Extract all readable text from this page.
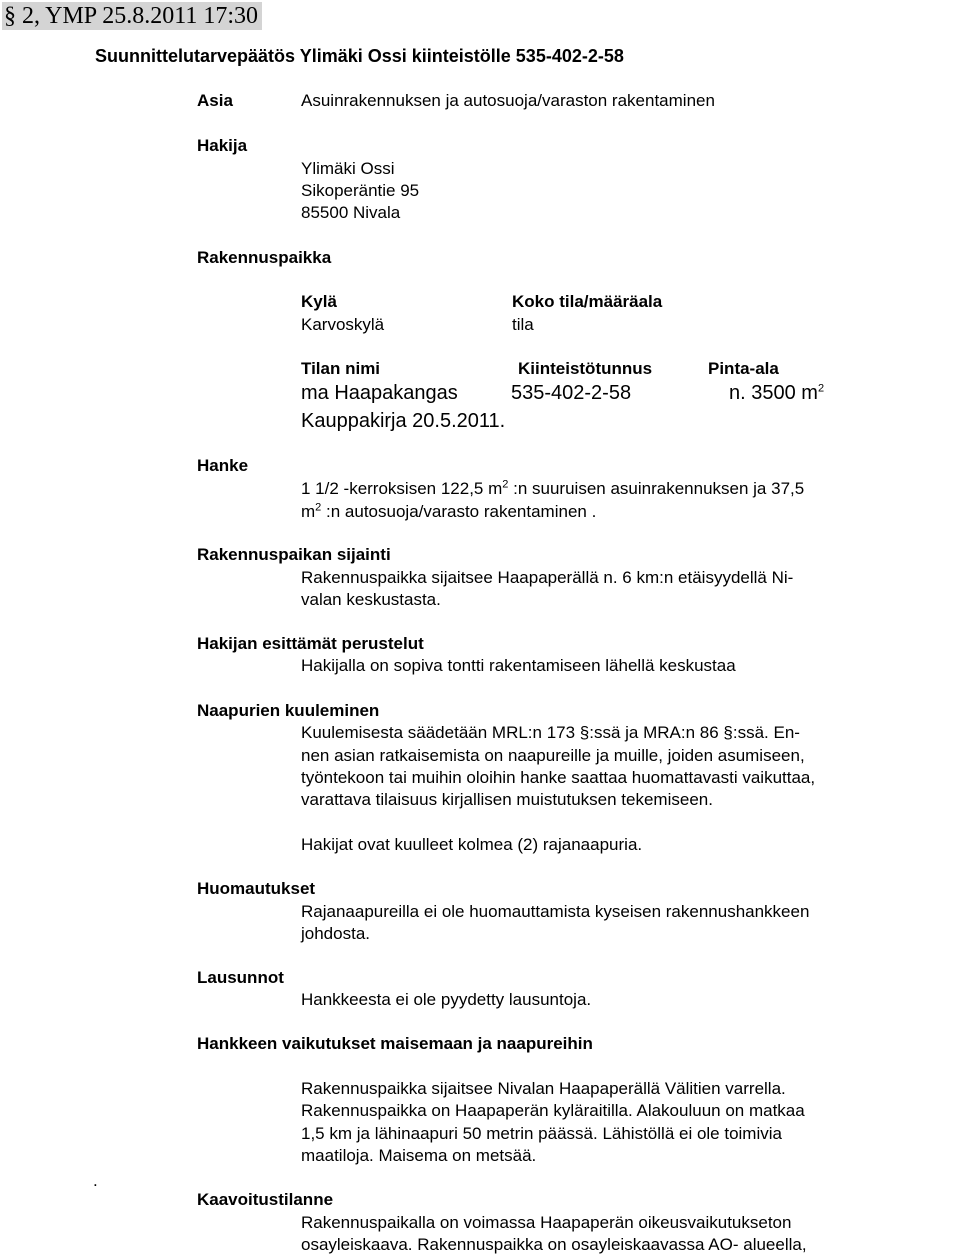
§ 2, YMP 25.8.2011 17:30
Suunnittelutarvepäätös Ylimäki Ossi kiinteistölle 535-402-2-58
Asia	Asuinrakennuksen ja autosuoja/varaston rakentaminen
Hakija
Ylimäki Ossi
Sikoperäntie 95
85500 Nivala
Rakennuspaikka
Kylä	Koko tila/määräala
Karvoskylä	tila
Tilan nimi	Kiinteistötunnus	Pinta-ala
ma Haapakangas	535-402-2-58	n. 3500 $m^2$
Kauppakirja 20.5.2011.
Hanke
1 1/2 -kerroksisen 122,5 $m^2$ :n suuruisen asuinrakennuksen ja 37,5
$m^2$ :n autosuoja/varasto rakentaminen .
Rakennuspaikan sijainti
Rakennuspaikka sijaitsee Haapaperällä n. 6 km:n etäisyydellä Ni-
valan keskustasta.
Hakijan esittämät perustelut
Hakijalla on sopiva tontti rakentamiseen lähellä keskustaa
Naapurien kuuleminen
Kuulemisesta säädetään MRL:n 173 §:ssä ja MRA:n 86 §:ssä. En-
nen asian ratkaisemista on naapureille ja muille, joiden asumiseen,
työntekoon tai muihin oloihin hanke saattaa huomattavasti vaikuttaa,
varattava tilaisuus kirjallisen muistutuksen tekemiseen.
Hakijat ovat kuulleet kolmea (2) rajanaapuria.
Huomautukset
Rajanaapureilla ei ole huomauttamista kyseisen rakennushankkeen
johdosta.
Lausunnot
Hankkeesta ei ole pyydetty lausuntoja.
Hankkeen vaikutukset maisemaan ja naapureihin
Rakennuspaikka sijaitsee Nivalan Haapaperällä Välitien varrella.
Rakennuspaikka on Haapaperän kyläraitilla. Alakouluun on matkaa
1,5 km ja lähinaapuri 50 metrin päässä. Lähistöllä ei ole toimivia
maatiloja. Maisema on metsää.
.
Kaavoitustilanne
Rakennuspaikalla on voimassa Haapaperän oikeusvaikutukseton
osayleiskaava. Rakennuspaikka on osayleiskaavassa AO- alueella,
